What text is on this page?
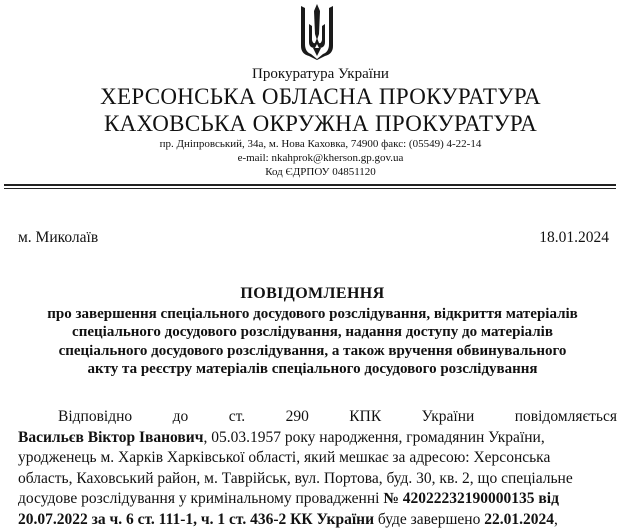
Прокуратура України
ХЕРСОНСЬКА ОБЛАСНА ПРОКУРАТУРА
КАХОВСЬКА ОКРУЖНА ПРОКУРАТУРА
пр. Дніпровський, 34а, м. Нова Каховка, 74900 факс: (05549) 4-22-14
e-mail: nkahprok@kherson.gp.gov.ua
Код ЄДРПОУ 04851120
м. Миколаїв	18.01.2024
ПОВІДОМЛЕННЯ
про завершення спеціального досудового розслідування, відкриття матеріалів
спеціального досудового розслідування, надання доступу до матеріалів
спеціального досудового розслідування, а також вручення обвинувального
акту та реєстру матеріалів спеціального досудового розслідування
Відповідно	до	ст.	290	КПК	України	повідомляється
Васильєв Віктор Іванович, 05.03.1957 року народження, громадянин України,
уродженець м. Харків Харківської області, який мешкає за адресою: Херсонська
область, Каховський район, м. Таврійськ, вул. Портова, буд. 30, кв. 2, що спеціальне
досудове розслідування у кримінальному провадженні № 42022232190000135 від
20.07.2022 за ч. 6 ст. 111-1, ч. 1 ст. 436-2 КК України буде завершено 22.01.2024,
